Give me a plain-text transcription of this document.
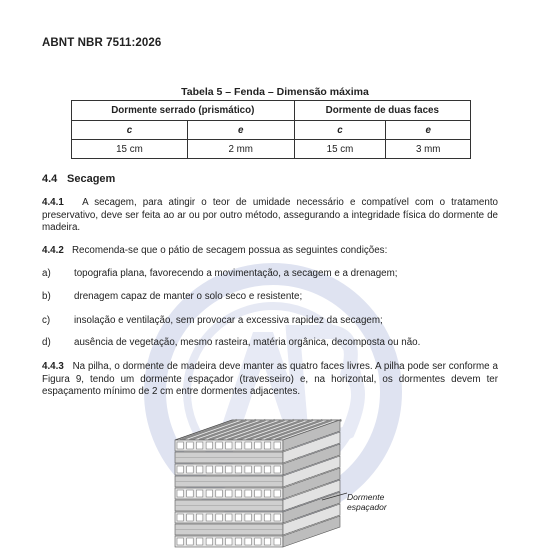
ABNT NBR 7511:2026
Tabela 5 – Fenda – Dimensão máxima
Dormente serrado (prismático)		Dormente de duas faces	
c	e	c	e
15 cm	2 mm	15 cm	3 mm
4.4 Secagem
4.4.1 A secagem, para atingir o teor de umidade necessário e compatível com o tratamento preservativo, deve ser feita ao ar ou por outro método, assegurando a integridade física do dormente de madeira.
4.4.2 Recomenda-se que o pátio de secagem possua as seguintes condições:
a) topografia plana, favorecendo a movimentação, a secagem e a drenagem;
b) drenagem capaz de manter o solo seco e resistente;
c) insolação e ventilação, sem provocar a excessiva rapidez da secagem;
d) ausência de vegetação, mesmo rasteira, matéria orgânica, decomposta ou não.
4.4.3 Na pilha, o dormente de madeira deve manter as quatro faces livres. A pilha pode ser conforme a Figura 9, tendo um dormente espaçador (travesseiro) e, na horizontal, os dormentes devem ter espaçamento mínimo de 2 cm entre dormentes adjacentes.
Dormente
espaçador
